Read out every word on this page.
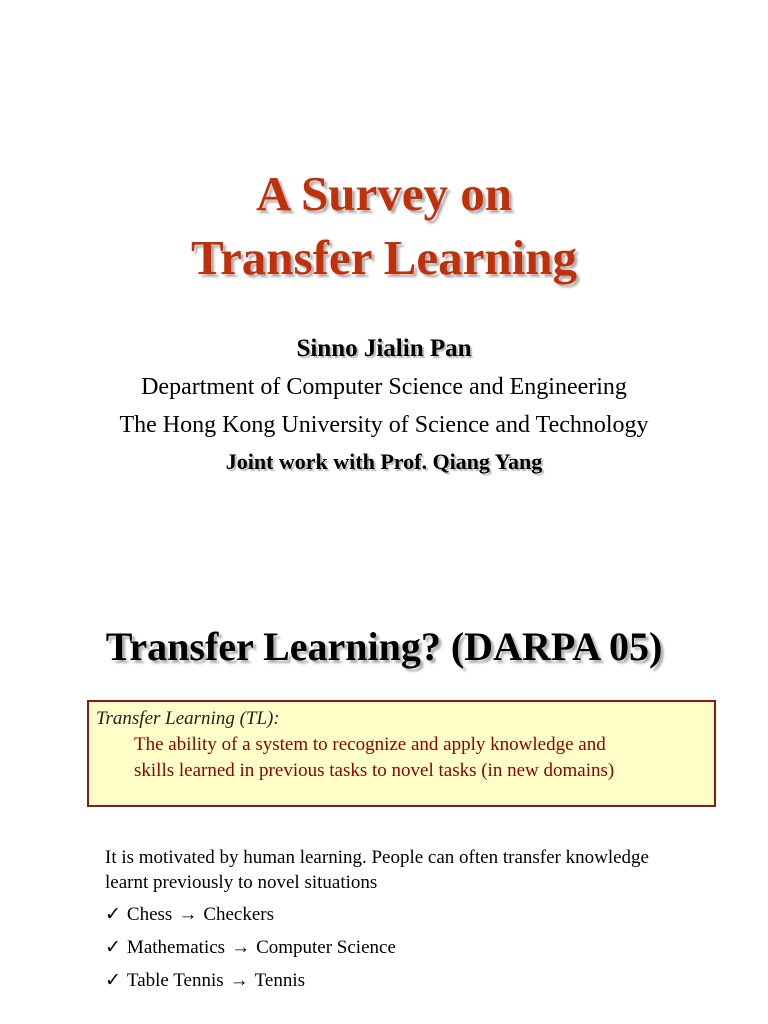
A Survey on
Transfer Learning
Sinno Jialin Pan
Department of Computer Science and Engineering
The Hong Kong University of Science and Technology
Joint work with Prof. Qiang Yang
Transfer Learning? (DARPA 05)
Transfer Learning (TL):
The ability of a system to recognize and apply knowledge and
skills learned in previous tasks to novel tasks (in new domains)
It is motivated by human learning. People can often transfer knowledge
learnt previously to novel situations
✓ Chess → Checkers
✓ Mathematics → Computer Science
✓ Table Tennis → Tennis
